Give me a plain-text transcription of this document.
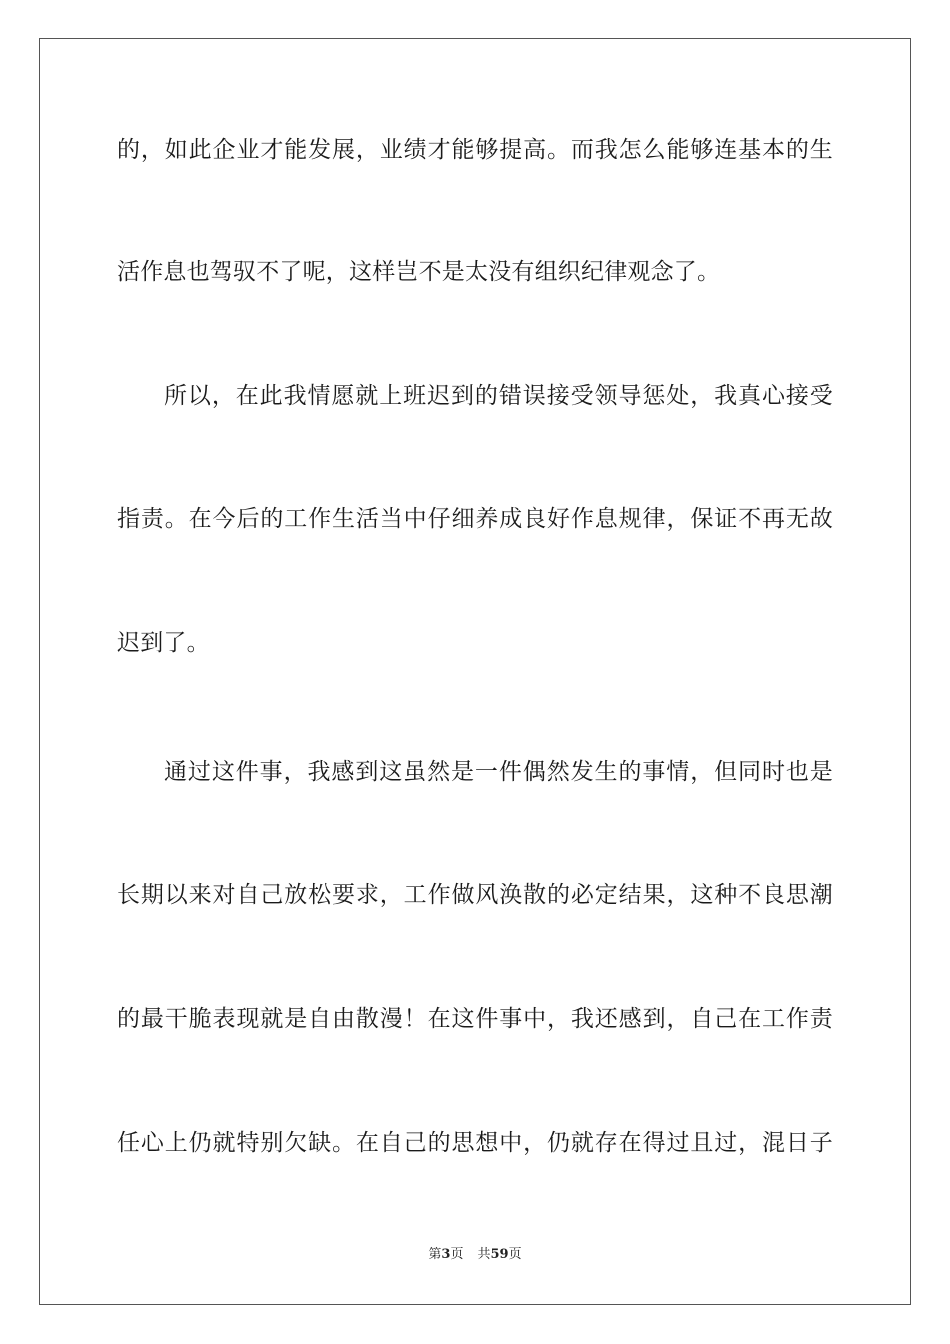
的，如此企业才能发展，业绩才能够提高。而我怎么能够连基本的生
活作息也驾驭不了呢，这样岂不是太没有组织纪律观念了。
所以，在此我情愿就上班迟到的错误接受领导惩处，我真心接受
指责。在今后的工作生活当中仔细养成良好作息规律，保证不再无故
迟到了。
通过这件事，我感到这虽然是一件偶然发生的事情，但同时也是
长期以来对自己放松要求，工作做风涣散的必定结果，这种不良思潮
的最干脆表现就是自由散漫！在这件事中，我还感到，自己在工作责
任心上仍就特别欠缺。在自己的思想中，仍就存在得过且过，混日子
第3页 共59页
